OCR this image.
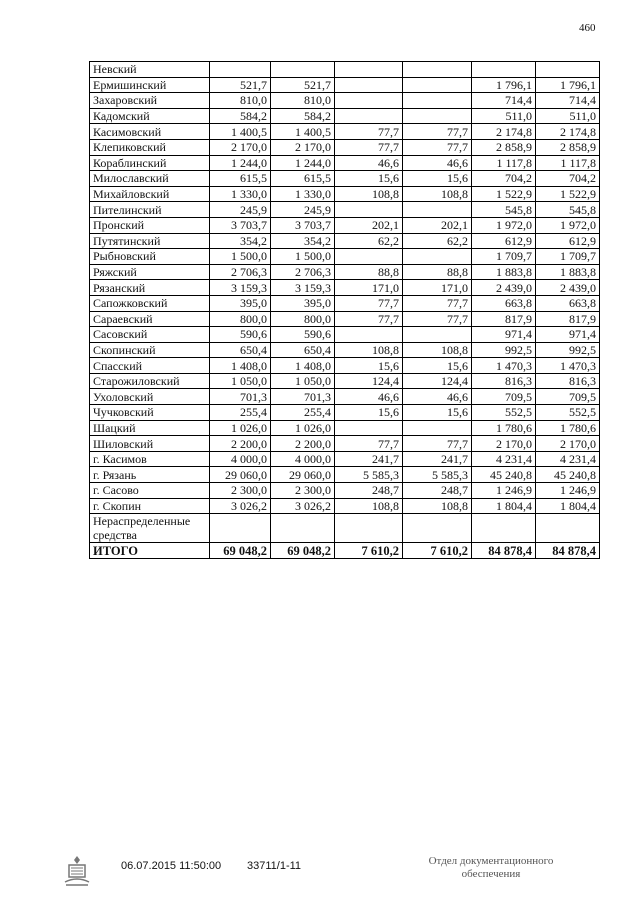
460
Невский						
Ермишинский	521,7	521,7			1 796,1	1 796,1
Захаровский	810,0	810,0			714,4	714,4
Кадомский	584,2	584,2			511,0	511,0
Касимовский	1 400,5	1 400,5	77,7	77,7	2 174,8	2 174,8
Клепиковский	2 170,0	2 170,0	77,7	77,7	2 858,9	2 858,9
Кораблинский	1 244,0	1 244,0	46,6	46,6	1 117,8	1 117,8
Милославский	615,5	615,5	15,6	15,6	704,2	704,2
Михайловский	1 330,0	1 330,0	108,8	108,8	1 522,9	1 522,9
Пителинский	245,9	245,9			545,8	545,8
Пронский	3 703,7	3 703,7	202,1	202,1	1 972,0	1 972,0
Путятинский	354,2	354,2	62,2	62,2	612,9	612,9
Рыбновский	1 500,0	1 500,0			1 709,7	1 709,7
Ряжский	2 706,3	2 706,3	88,8	88,8	1 883,8	1 883,8
Рязанский	3 159,3	3 159,3	171,0	171,0	2 439,0	2 439,0
Сапожковский	395,0	395,0	77,7	77,7	663,8	663,8
Сараевский	800,0	800,0	77,7	77,7	817,9	817,9
Сасовский	590,6	590,6			971,4	971,4
Скопинский	650,4	650,4	108,8	108,8	992,5	992,5
Спасский	1 408,0	1 408,0	15,6	15,6	1 470,3	1 470,3
Старожиловский	1 050,0	1 050,0	124,4	124,4	816,3	816,3
Ухоловский	701,3	701,3	46,6	46,6	709,5	709,5
Чучковский	255,4	255,4	15,6	15,6	552,5	552,5
Шацкий	1 026,0	1 026,0			1 780,6	1 780,6
Шиловский	2 200,0	2 200,0	77,7	77,7	2 170,0	2 170,0
г. Касимов	4 000,0	4 000,0	241,7	241,7	4 231,4	4 231,4
г. Рязань	29 060,0	29 060,0	5 585,3	5 585,3	45 240,8	45 240,8
г. Сасово	2 300,0	2 300,0	248,7	248,7	1 246,9	1 246,9
г. Скопин	3 026,2	3 026,2	108,8	108,8	1 804,4	1 804,4
Нераспределенные средства						
ИТОГО	69 048,2	69 048,2	7 610,2	7 610,2	84 878,4	84 878,4
06.07.2015 11:50:00 33711/1-11	Отдел документационного обеспечения
